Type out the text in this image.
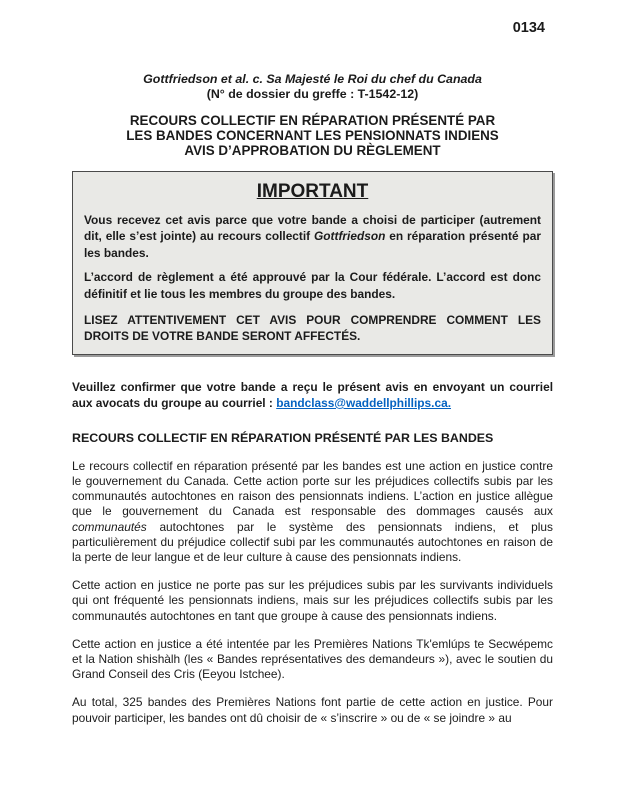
0134
Gottfriedson et al. c. Sa Majesté le Roi du chef du Canada
(N° de dossier du greffe : T-1542-12)
RECOURS COLLECTIF EN RÉPARATION PRÉSENTÉ PAR
LES BANDES CONCERNANT LES PENSIONNATS INDIENS
AVIS D’APPROBATION DU RÈGLEMENT
IMPORTANT

Vous recevez cet avis parce que votre bande a choisi de participer (autrement dit, elle s’est jointe) au recours collectif Gottfriedson en réparation présenté par les bandes.

L’accord de règlement a été approuvé par la Cour fédérale. L’accord est donc définitif et lie tous les membres du groupe des bandes.

LISEZ ATTENTIVEMENT CET AVIS POUR COMPRENDRE COMMENT LES DROITS DE VOTRE BANDE SERONT AFFECTÉS.

Veuillez confirmer que votre bande a reçu le présent avis en envoyant un courriel aux avocats du groupe au courriel : bandclass@waddellphillips.ca.

RECOURS COLLECTIF EN RÉPARATION PRÉSENTÉ PAR LES BANDES

Le recours collectif en réparation présenté par les bandes est une action en justice contre le gouvernement du Canada. Cette action porte sur les préjudices collectifs subis par les communautés autochtones en raison des pensionnats indiens. L’action en justice allègue que le gouvernement du Canada est responsable des dommages causés aux communautés autochtones par le système des pensionnats indiens, et plus particulièrement du préjudice collectif subi par les communautés autochtones en raison de la perte de leur langue et de leur culture à cause des pensionnats indiens.

Cette action en justice ne porte pas sur les préjudices subis par les survivants individuels qui ont fréquenté les pensionnats indiens, mais sur les préjudices collectifs subis par les communautés autochtones en tant que groupe à cause des pensionnats indiens.

Cette action en justice a été intentée par les Premières Nations Tk'emlúps te Secwépemc et la Nation shishàlh (les « Bandes représentatives des demandeurs »), avec le soutien du Grand Conseil des Cris (Eeyou Istchee).

Au total, 325 bandes des Premières Nations font partie de cette action en justice. Pour pouvoir participer, les bandes ont dû choisir de « s’inscrire » ou de « se joindre » au
